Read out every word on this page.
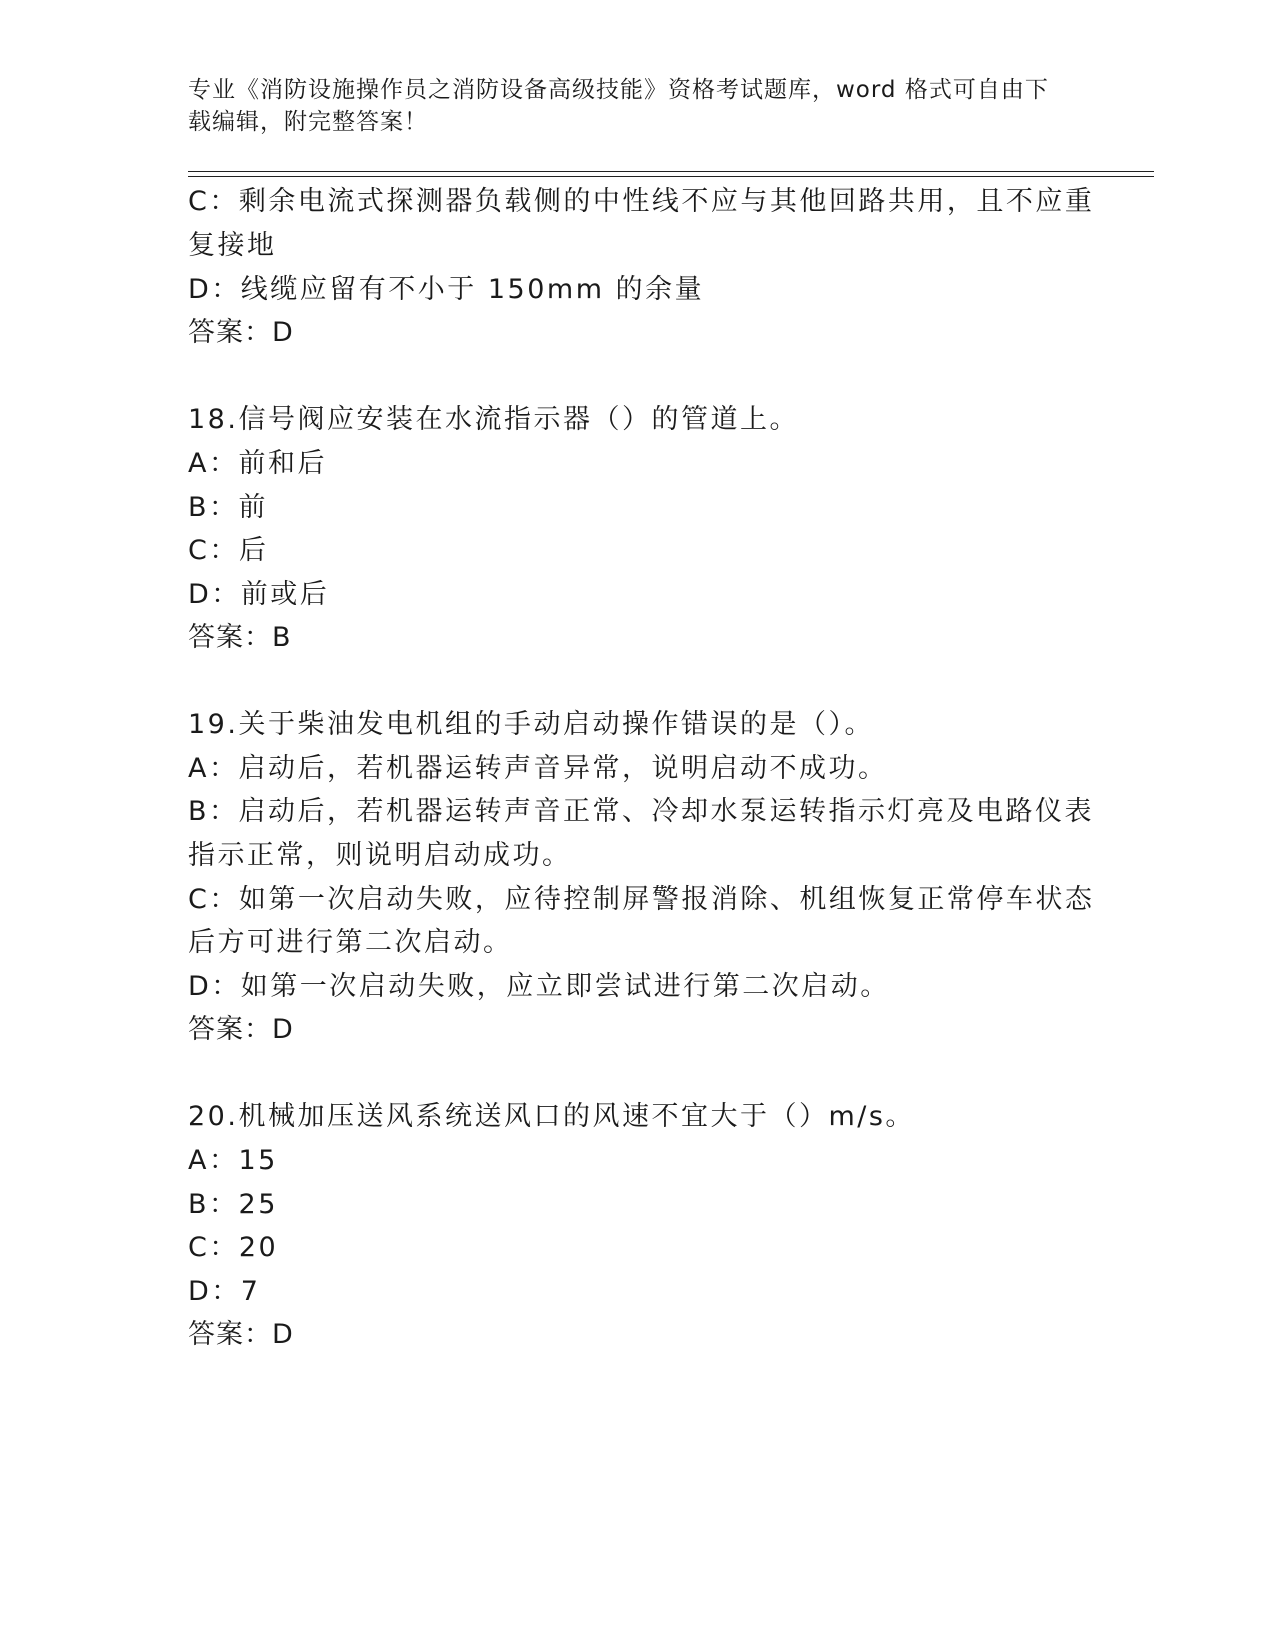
专业《消防设施操作员之消防设备高级技能》资格考试题库，word 格式可自由下
载编辑，附完整答案！
C：剩余电流式探测器负载侧的中性线不应与其他回路共用，且不应重
复接地
D：线缆应留有不小于 150mm 的余量
答案：D
18.信号阀应安装在水流指示器（）的管道上。
A：前和后
B：前
C：后
D：前或后
答案：B
19.关于柴油发电机组的手动启动操作错误的是（）。
A：启动后，若机器运转声音异常，说明启动不成功。
B：启动后，若机器运转声音正常、冷却水泵运转指示灯亮及电路仪表
指示正常，则说明启动成功。
C：如第一次启动失败，应待控制屏警报消除、机组恢复正常停车状态
后方可进行第二次启动。
D：如第一次启动失败，应立即尝试进行第二次启动。
答案：D
20.机械加压送风系统送风口的风速不宜大于（）m/s。
A：15
B：25
C：20
D：7
答案：D
